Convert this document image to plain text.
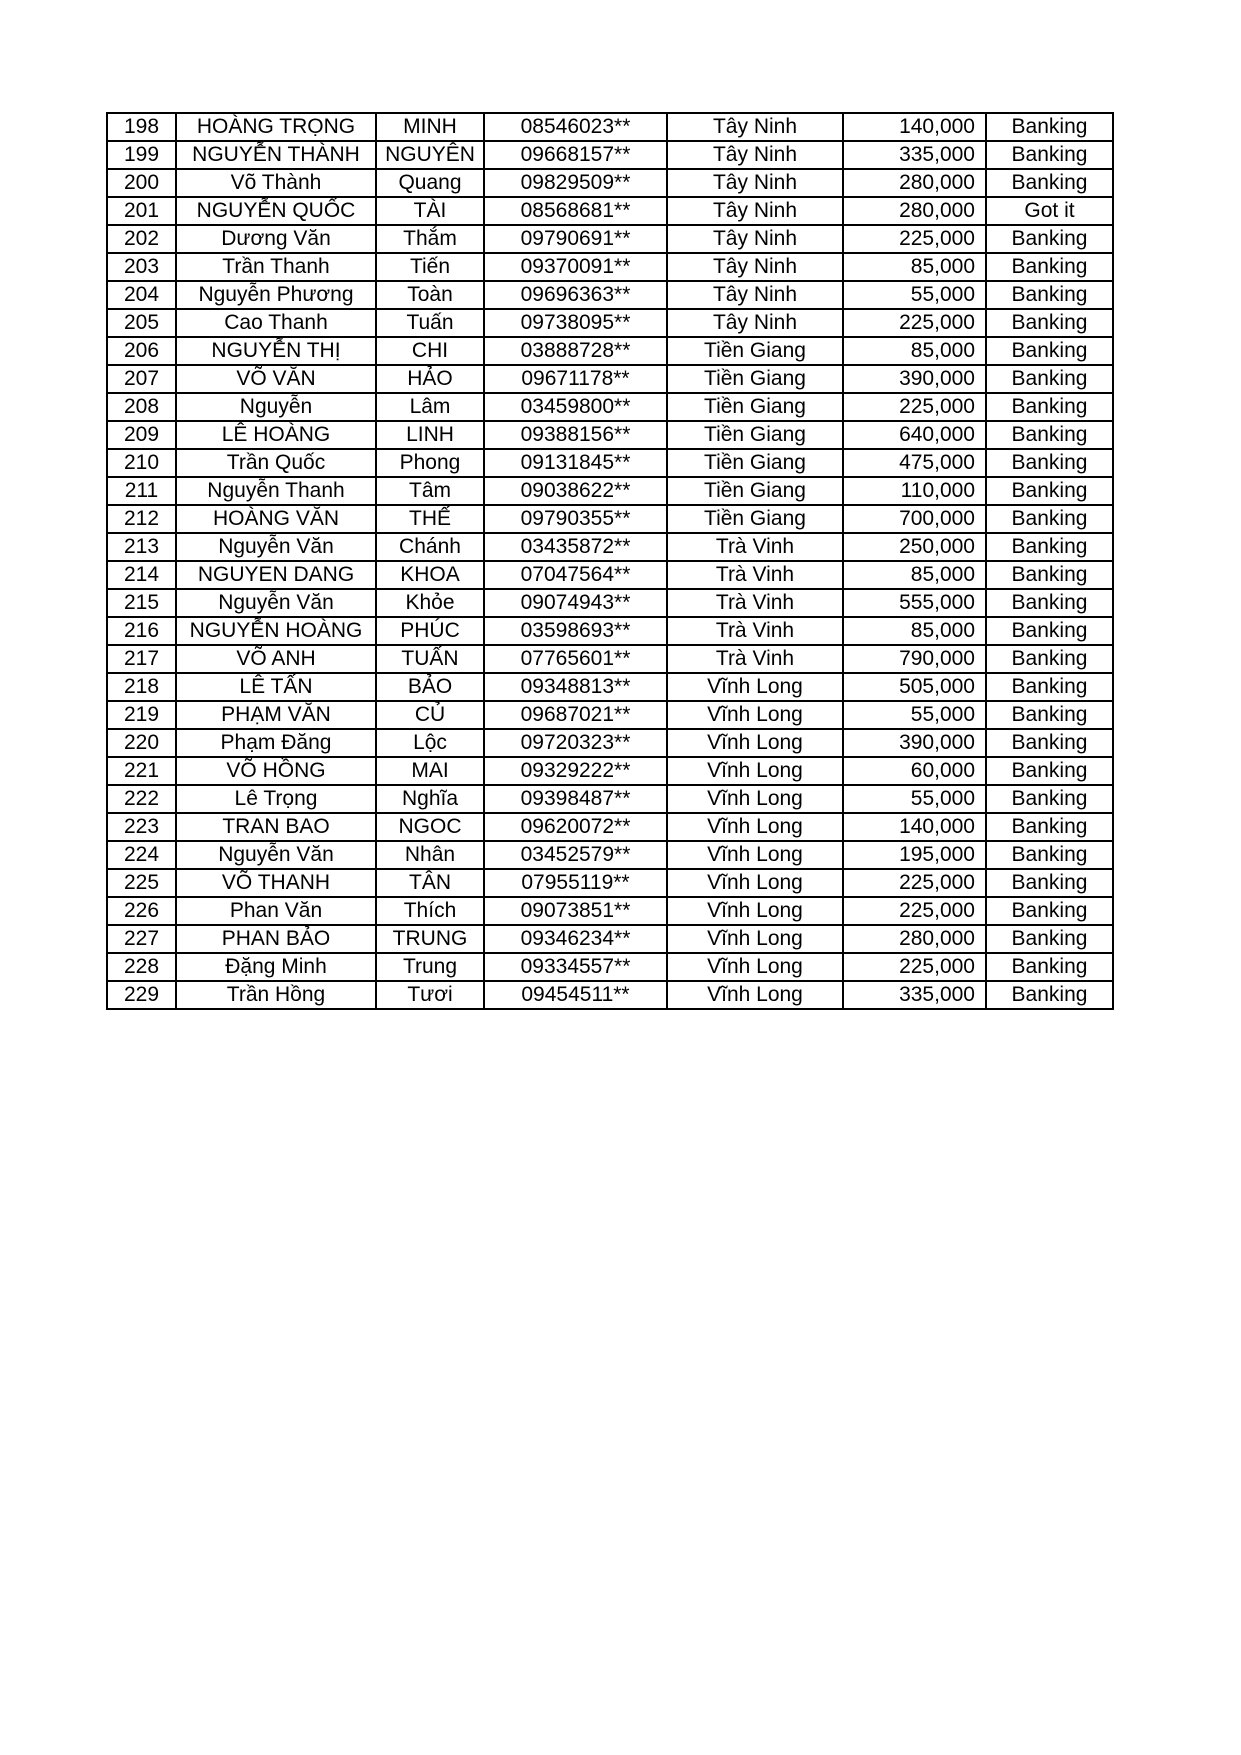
198	HOÀNG TRỌNG	MINH	08546023**	Tây Ninh	140,000	Banking
199	NGUYỄN THÀNH	NGUYÊN	09668157**	Tây Ninh	335,000	Banking
200	Võ Thành	Quang	09829509**	Tây Ninh	280,000	Banking
201	NGUYỄN QUỐC	TÀI	08568681**	Tây Ninh	280,000	Got it
202	Dương Văn	Thắm	09790691**	Tây Ninh	225,000	Banking
203	Trần Thanh	Tiến	09370091**	Tây Ninh	85,000	Banking
204	Nguyễn Phương	Toàn	09696363**	Tây Ninh	55,000	Banking
205	Cao Thanh	Tuấn	09738095**	Tây Ninh	225,000	Banking
206	NGUYỄN THỊ	CHI	03888728**	Tiền Giang	85,000	Banking
207	VÕ VĂN	HẢO	09671178**	Tiền Giang	390,000	Banking
208	Nguyễn	Lâm	03459800**	Tiền Giang	225,000	Banking
209	LÊ HOÀNG	LINH	09388156**	Tiền Giang	640,000	Banking
210	Trần Quốc	Phong	09131845**	Tiền Giang	475,000	Banking
211	Nguyễn Thanh	Tâm	09038622**	Tiền Giang	110,000	Banking
212	HOÀNG VĂN	THẾ	09790355**	Tiền Giang	700,000	Banking
213	Nguyễn Văn	Chánh	03435872**	Trà Vinh	250,000	Banking
214	NGUYEN DANG	KHOA	07047564**	Trà Vinh	85,000	Banking
215	Nguyễn Văn	Khỏe	09074943**	Trà Vinh	555,000	Banking
216	NGUYỄN HOÀNG	PHÚC	03598693**	Trà Vinh	85,000	Banking
217	VÕ ANH	TUẤN	07765601**	Trà Vinh	790,000	Banking
218	LÊ TẤN	BẢO	09348813**	Vĩnh Long	505,000	Banking
219	PHẠM VĂN	CỦ	09687021**	Vĩnh Long	55,000	Banking
220	Phạm Đăng	Lộc	09720323**	Vĩnh Long	390,000	Banking
221	VÕ HỒNG	MAI	09329222**	Vĩnh Long	60,000	Banking
222	Lê Trọng	Nghĩa	09398487**	Vĩnh Long	55,000	Banking
223	TRAN BAO	NGOC	09620072**	Vĩnh Long	140,000	Banking
224	Nguyễn Văn	Nhân	03452579**	Vĩnh Long	195,000	Banking
225	VÕ THANH	TÂN	07955119**	Vĩnh Long	225,000	Banking
226	Phan Văn	Thích	09073851**	Vĩnh Long	225,000	Banking
227	PHAN BẢO	TRUNG	09346234**	Vĩnh Long	280,000	Banking
228	Đặng Minh	Trung	09334557**	Vĩnh Long	225,000	Banking
229	Trần Hồng	Tươi	09454511**	Vĩnh Long	335,000	Banking
